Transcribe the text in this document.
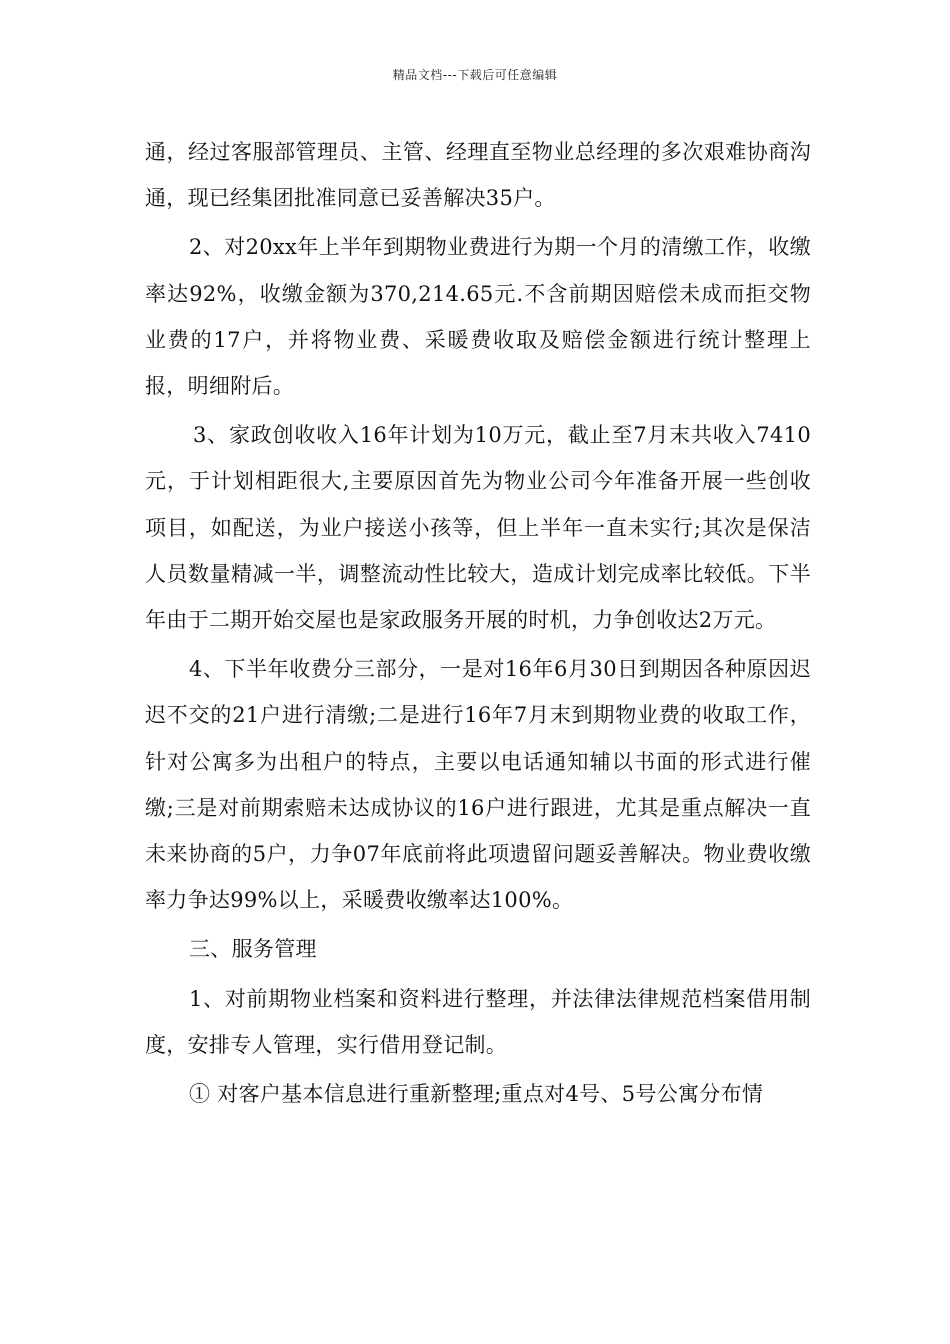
精品文档---下载后可任意编辑

通，经过客服部管理员、主管、经理直至物业总经理的多次艰难协商沟通，现已经集团批准同意已妥善解决35户。

2、对20xx年上半年到期物业费进行为期一个月的清缴工作，收缴率达92%，收缴金额为370,214.65元.不含前期因赔偿未成而拒交物业费的17户，并将物业费、采暖费收取及赔偿金额进行统计整理上报，明细附后。

3、家政创收收入16年计划为10万元，截止至7月末共收入7410元，于计划相距很大,主要原因首先为物业公司今年准备开展一些创收项目，如配送，为业户接送小孩等，但上半年一直未实行;其次是保洁人员数量精减一半，调整流动性比较大，造成计划完成率比较低。下半年由于二期开始交屋也是家政服务开展的时机，力争创收达2万元。

4、下半年收费分三部分，一是对16年6月30日到期因各种原因迟迟不交的21户进行清缴;二是进行16年7月末到期物业费的收取工作，针对公寓多为出租户的特点，主要以电话通知辅以书面的形式进行催缴;三是对前期索赔未达成协议的16户进行跟进，尤其是重点解决一直未来协商的5户，力争07年底前将此项遗留问题妥善解决。物业费收缴率力争达99%以上，采暖费收缴率达100%。

三、服务管理

1、对前期物业档案和资料进行整理，并法律法律规范档案借用制度，安排专人管理，实行借用登记制。

① 对客户基本信息进行重新整理;重点对4号、5号公寓分布情
